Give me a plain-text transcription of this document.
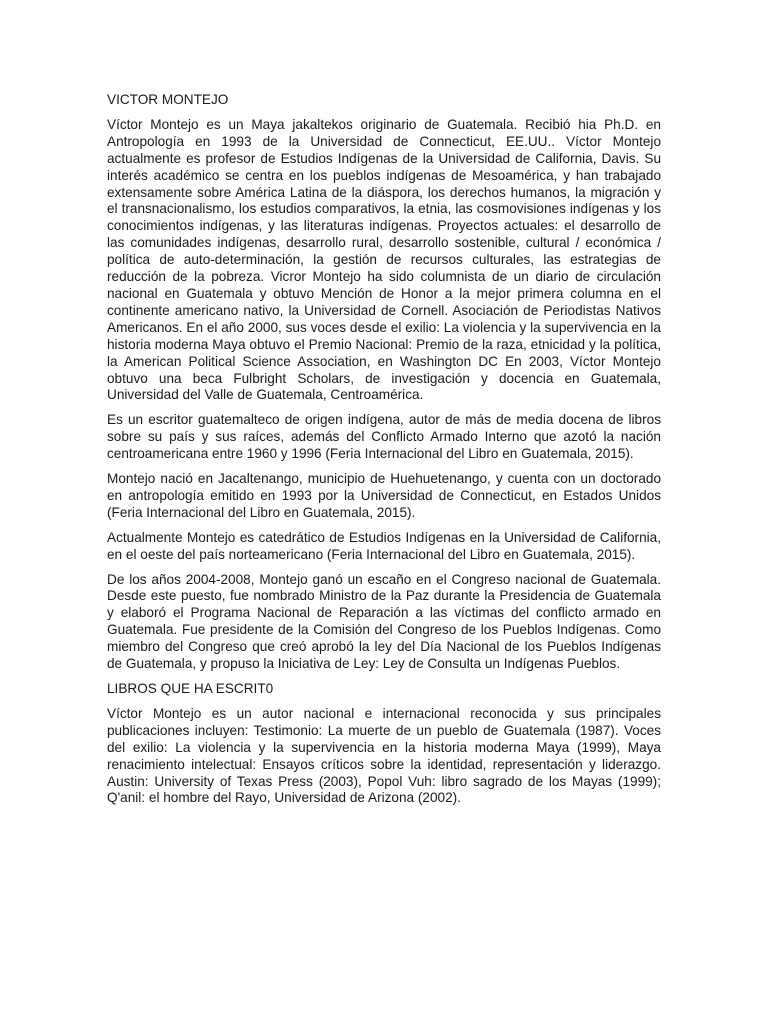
VICTOR MONTEJO

Víctor Montejo es un Maya jakaltekos originario de Guatemala. Recibió hia Ph.D. en Antropología en 1993 de la Universidad de Connecticut, EE.UU.. Víctor Montejo actualmente es profesor de Estudios Indígenas de la Universidad de California, Davis. Su interés académico se centra en los pueblos indígenas de Mesoamérica, y han trabajado extensamente sobre América Latina de la diáspora, los derechos humanos, la migración y el transnacionalismo, los estudios comparativos, la etnia, las cosmovisiones indígenas y los conocimientos indígenas, y las literaturas indígenas. Proyectos actuales: el desarrollo de las comunidades indígenas, desarrollo rural, desarrollo sostenible, cultural / económica / política de auto-determinación, la gestión de recursos culturales, las estrategias de reducción de la pobreza. Vicror Montejo ha sido columnista de un diario de circulación nacional en Guatemala y obtuvo Mención de Honor a la mejor primera columna en el continente americano nativo, la Universidad de Cornell. Asociación de Periodistas Nativos Americanos. En el año 2000, sus voces desde el exilio: La violencia y la supervivencia en la historia moderna Maya obtuvo el Premio Nacional: Premio de la raza, etnicidad y la política, la American Political Science Association, en Washington DC En 2003, Víctor Montejo obtuvo una beca Fulbright Scholars, de investigación y docencia en Guatemala, Universidad del Valle de Guatemala, Centroamérica.

Es un escritor guatemalteco de origen indígena, autor de más de media docena de libros sobre su país y sus raíces, además del Conflicto Armado Interno que azotó la nación centroamericana entre 1960 y 1996 (Feria Internacional del Libro en Guatemala, 2015).

Montejo nació en Jacaltenango, municipio de Huehuetenango, y cuenta con un doctorado en antropología emitido en 1993 por la Universidad de Connecticut, en Estados Unidos (Feria Internacional del Libro en Guatemala, 2015).

Actualmente Montejo es catedrático de Estudios Indígenas en la Universidad de California, en el oeste del país norteamericano (Feria Internacional del Libro en Guatemala, 2015).

De los años 2004-2008, Montejo ganó un escaño en el Congreso nacional de Guatemala. Desde este puesto, fue nombrado Ministro de la Paz durante la Presidencia de Guatemala y elaboró el Programa Nacional de Reparación a las víctimas del conflicto armado en Guatemala. Fue presidente de la Comisión del Congreso de los Pueblos Indígenas. Como miembro del Congreso que creó aprobó la ley del Día Nacional de los Pueblos Indígenas de Guatemala, y propuso la Iniciativa de Ley: Ley de Consulta un Indígenas Pueblos.

LIBROS QUE HA ESCRIT0

Víctor Montejo es un autor nacional e internacional reconocida y sus principales publicaciones incluyen: Testimonio: La muerte de un pueblo de Guatemala (1987). Voces del exilio: La violencia y la supervivencia en la historia moderna Maya (1999), Maya renacimiento intelectual: Ensayos críticos sobre la identidad, representación y liderazgo. Austin: University of Texas Press (2003), Popol Vuh: libro sagrado de los Mayas (1999); Q'anil: el hombre del Rayo, Universidad de Arizona (2002).
